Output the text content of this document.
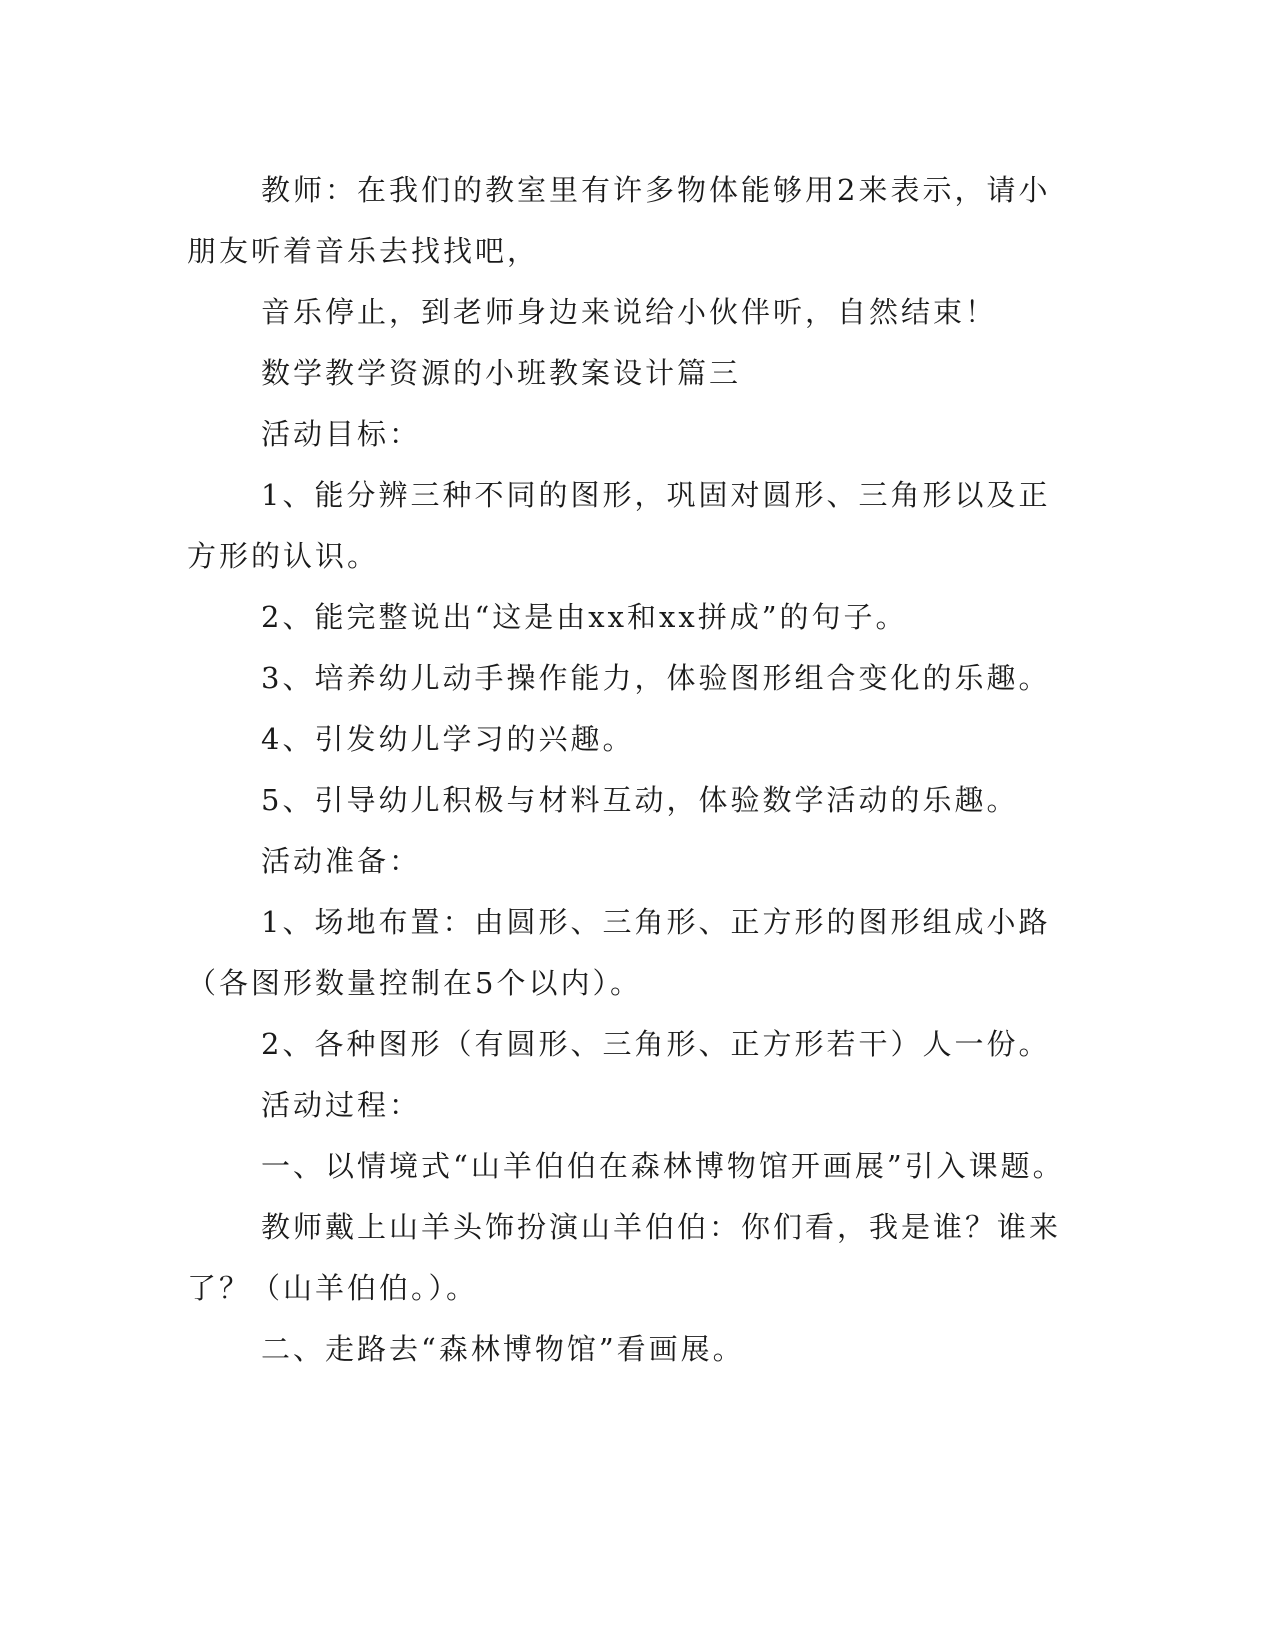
教师：在我们的教室里有许多物体能够用2来表示，请小朋友听着音乐去找找吧，

音乐停止，到老师身边来说给小伙伴听，自然结束！

数学教学资源的小班教案设计篇三

活动目标：

1、能分辨三种不同的图形，巩固对圆形、三角形以及正方形的认识。

2、能完整说出“这是由xx和xx拼成”的句子。

3、培养幼儿动手操作能力，体验图形组合变化的乐趣。

4、引发幼儿学习的兴趣。

5、引导幼儿积极与材料互动，体验数学活动的乐趣。

活动准备：

1、场地布置：由圆形、三角形、正方形的图形组成小路（各图形数量控制在5个以内）。

2、各种图形（有圆形、三角形、正方形若干）人一份。

活动过程：

一、以情境式“山羊伯伯在森林博物馆开画展”引入课题。

教师戴上山羊头饰扮演山羊伯伯：你们看，我是谁？谁来了？（山羊伯伯。）。

二、走路去“森林博物馆”看画展。
